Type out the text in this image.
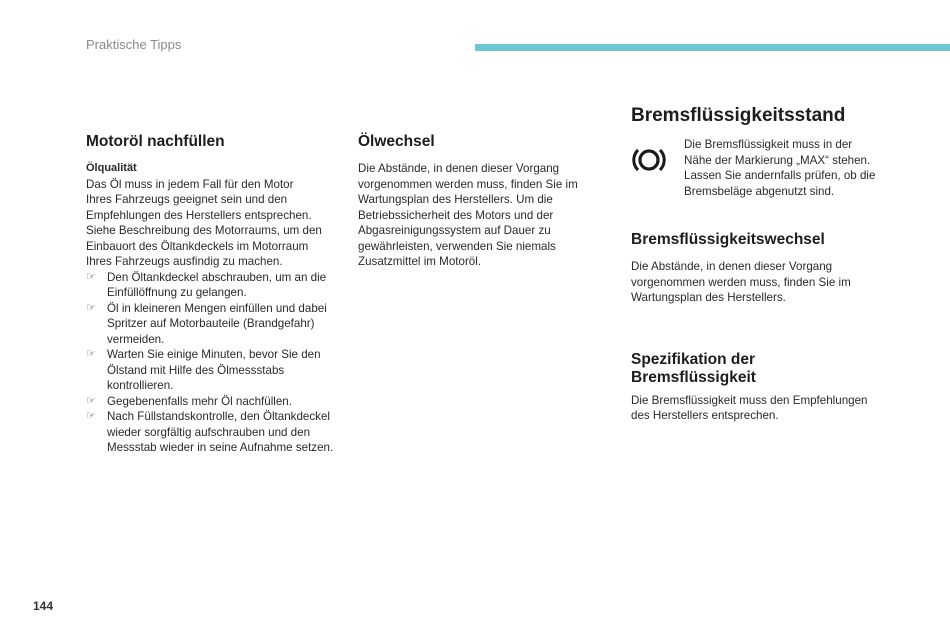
Praktische Tipps
Motoröl nachfüllen
Ölqualität

Das Öl muss in jedem Fall für den Motor

Ihres Fahrzeugs geeignet sein und den

Empfehlungen des Herstellers entsprechen.

Siehe Beschreibung des Motorraums, um den

Einbauort des Öltankdeckels im Motorraum

Ihres Fahrzeugs ausfindig zu machen.

☞ Den Öltankdeckel abschrauben, um an die Einfüllöffnung zu gelangen.
☞ Öl in kleineren Mengen einfüllen und dabei Spritzer auf Motorbauteile (Brandgefahr) vermeiden.
☞ Warten Sie einige Minuten, bevor Sie den Ölstand mit Hilfe des Ölmessstabs kontrollieren.
☞ Gegebenenfalls mehr Öl nachfüllen.
☞ Nach Füllstandskontrolle, den Öltankdeckel wieder sorgfältig aufschrauben und den Messstab wieder in seine Aufnahme setzen.
Ölwechsel

Die Abstände, in denen dieser Vorgang vorgenommen werden muss, finden Sie im Wartungsplan des Herstellers. Um die Betriebssicherheit des Motors und der Abgasreinigungssystem auf Dauer zu gewährleisten, verwenden Sie niemals Zusatzmittel im Motoröl.

Bremsflüssigkeitsstand

Die Bremsflüssigkeit muss in der Nähe der Markierung „MAX“ stehen. Lassen Sie andernfalls prüfen, ob die Bremsbeläge abgenutzt sind.

Bremsflüssigkeitswechsel

Die Abstände, in denen dieser Vorgang vorgenommen werden muss, finden Sie im Wartungsplan des Herstellers.

Spezifikation der Bremsflüssigkeit

Die Bremsflüssigkeit muss den Empfehlungen des Herstellers entsprechen.

144
